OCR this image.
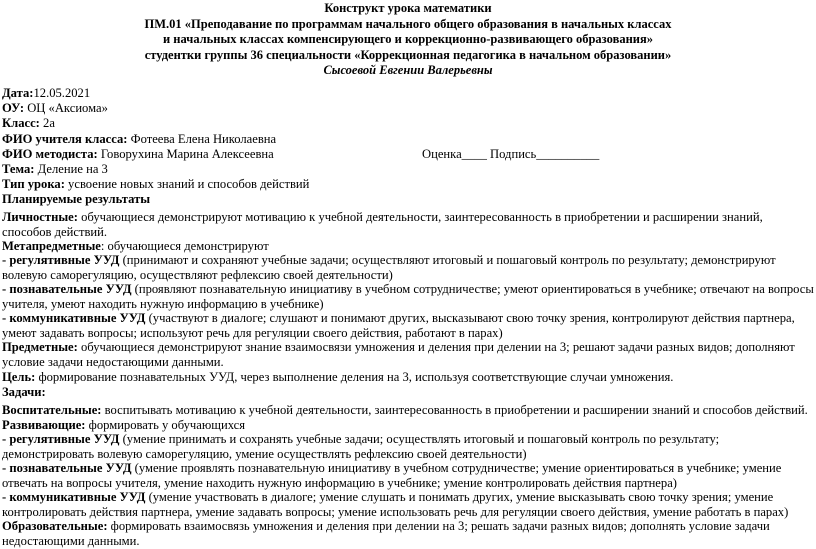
Конструкт урока математики
ПМ.01 «Преподавание по программам начального общего образования в начальных классах
и начальных классах компенсирующего и коррекционно-развивающего образования»
студентки группы 36 специальности «Коррекционная педагогика в начальном образовании»
Сысоевой Евгении Валерьевны
Дата:12.05.2021
ОУ: ОЦ «Аксиома»
Класс: 2а
ФИО учителя класса: Фотеева Елена Николаевна
ФИО методиста: Говорухина Марина Алексеевна	Оценка____ Подпись__________
Тема: Деление на 3
Тип урока: усвоение новых знаний и способов действий
Планируемые результаты
Личностные: обучающиеся демонстрируют мотивацию к учебной деятельности, заинтересованность в приобретении и расширении знаний, способов действий.
Метапредметные: обучающиеся демонстрируют
- регулятивные УУД (принимают и сохраняют учебные задачи; осуществляют итоговый и пошаговый контроль по результату; демонстрируют волевую саморегуляцию, осуществляют рефлексию своей деятельности)
- познавательные УУД (проявляют познавательную инициативу в учебном сотрудничестве; умеют ориентироваться в учебнике; отвечают на вопросы учителя, умеют находить нужную информацию в учебнике)
- коммуникативные УУД (участвуют в диалоге; слушают и понимают других, высказывают свою точку зрения, контролируют действия партнера, умеют задавать вопросы; используют речь для регуляции своего действия, работают в парах)
Предметные: обучающиеся демонстрируют знание взаимосвязи умножения и деления при делении на 3; решают задачи разных видов; дополняют условие задачи недостающими данными.
Цель: формирование познавательных УУД, через выполнение деления на 3, используя соответствующие случаи умножения.
Задачи:
Воспитательные: воспитывать мотивацию к учебной деятельности, заинтересованность в приобретении и расширении знаний и способов действий.
Развивающие: формировать у обучающихся
- регулятивные УУД (умение принимать и сохранять учебные задачи; осуществлять итоговый и пошаговый контроль по результату; демонстрировать волевую саморегуляцию, умение осуществлять рефлексию своей деятельности)
- познавательные УУД (умение проявлять познавательную инициативу в учебном сотрудничестве; умение ориентироваться в учебнике; умение отвечать на вопросы учителя, умение находить нужную информацию в учебнике; умение контролировать действия партнера)
- коммуникативные УУД (умение участвовать в диалоге; умение слушать и понимать других, умение высказывать свою точку зрения; умение контролировать действия партнера, умение задавать вопросы; умение использовать речь для регуляции своего действия, умение работать в парах)
Образовательные: формировать взаимосвязь умножения и деления при делении на 3; решать задачи разных видов; дополнять условие задачи недостающими данными.
